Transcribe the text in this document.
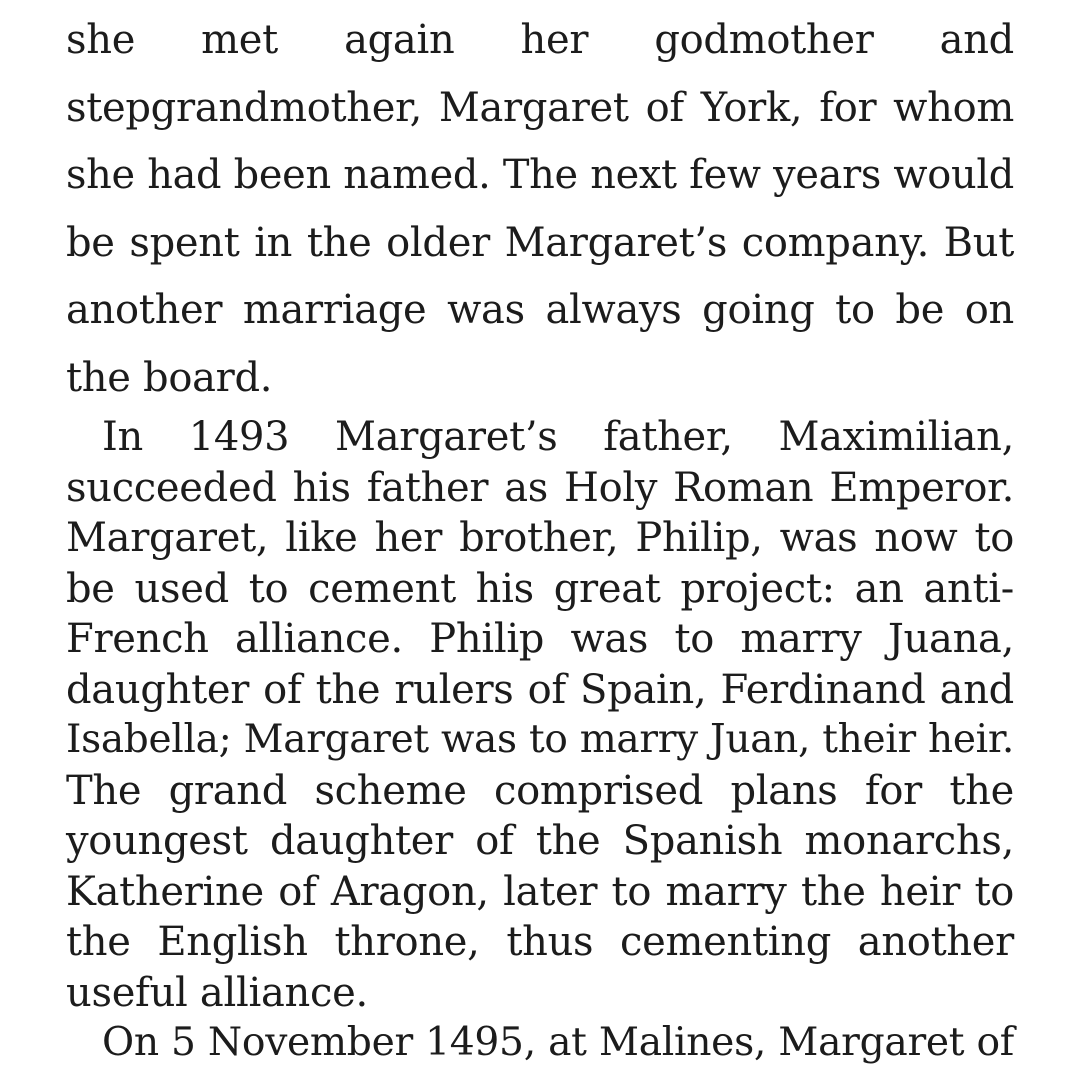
she met again her godmother and
stepgrandmother, Margaret of York, for whom
she had been named. The next few years would
be spent in the older Margaret’s company. But
another marriage was always going to be on
the board.
In 1493 Margaret’s father, Maximilian,
succeeded his father as Holy Roman Emperor.
Margaret, like her brother, Philip, was now to
be used to cement his great project: an anti-
French alliance. Philip was to marry Juana,
daughter of the rulers of Spain, Ferdinand and
Isabella; Margaret was to marry Juan, their heir.
The grand scheme comprised plans for the
youngest daughter of the Spanish monarchs,
Katherine of Aragon, later to marry the heir to
the English throne, thus cementing another
useful alliance.
On 5 November 1495, at Malines, Margaret of
